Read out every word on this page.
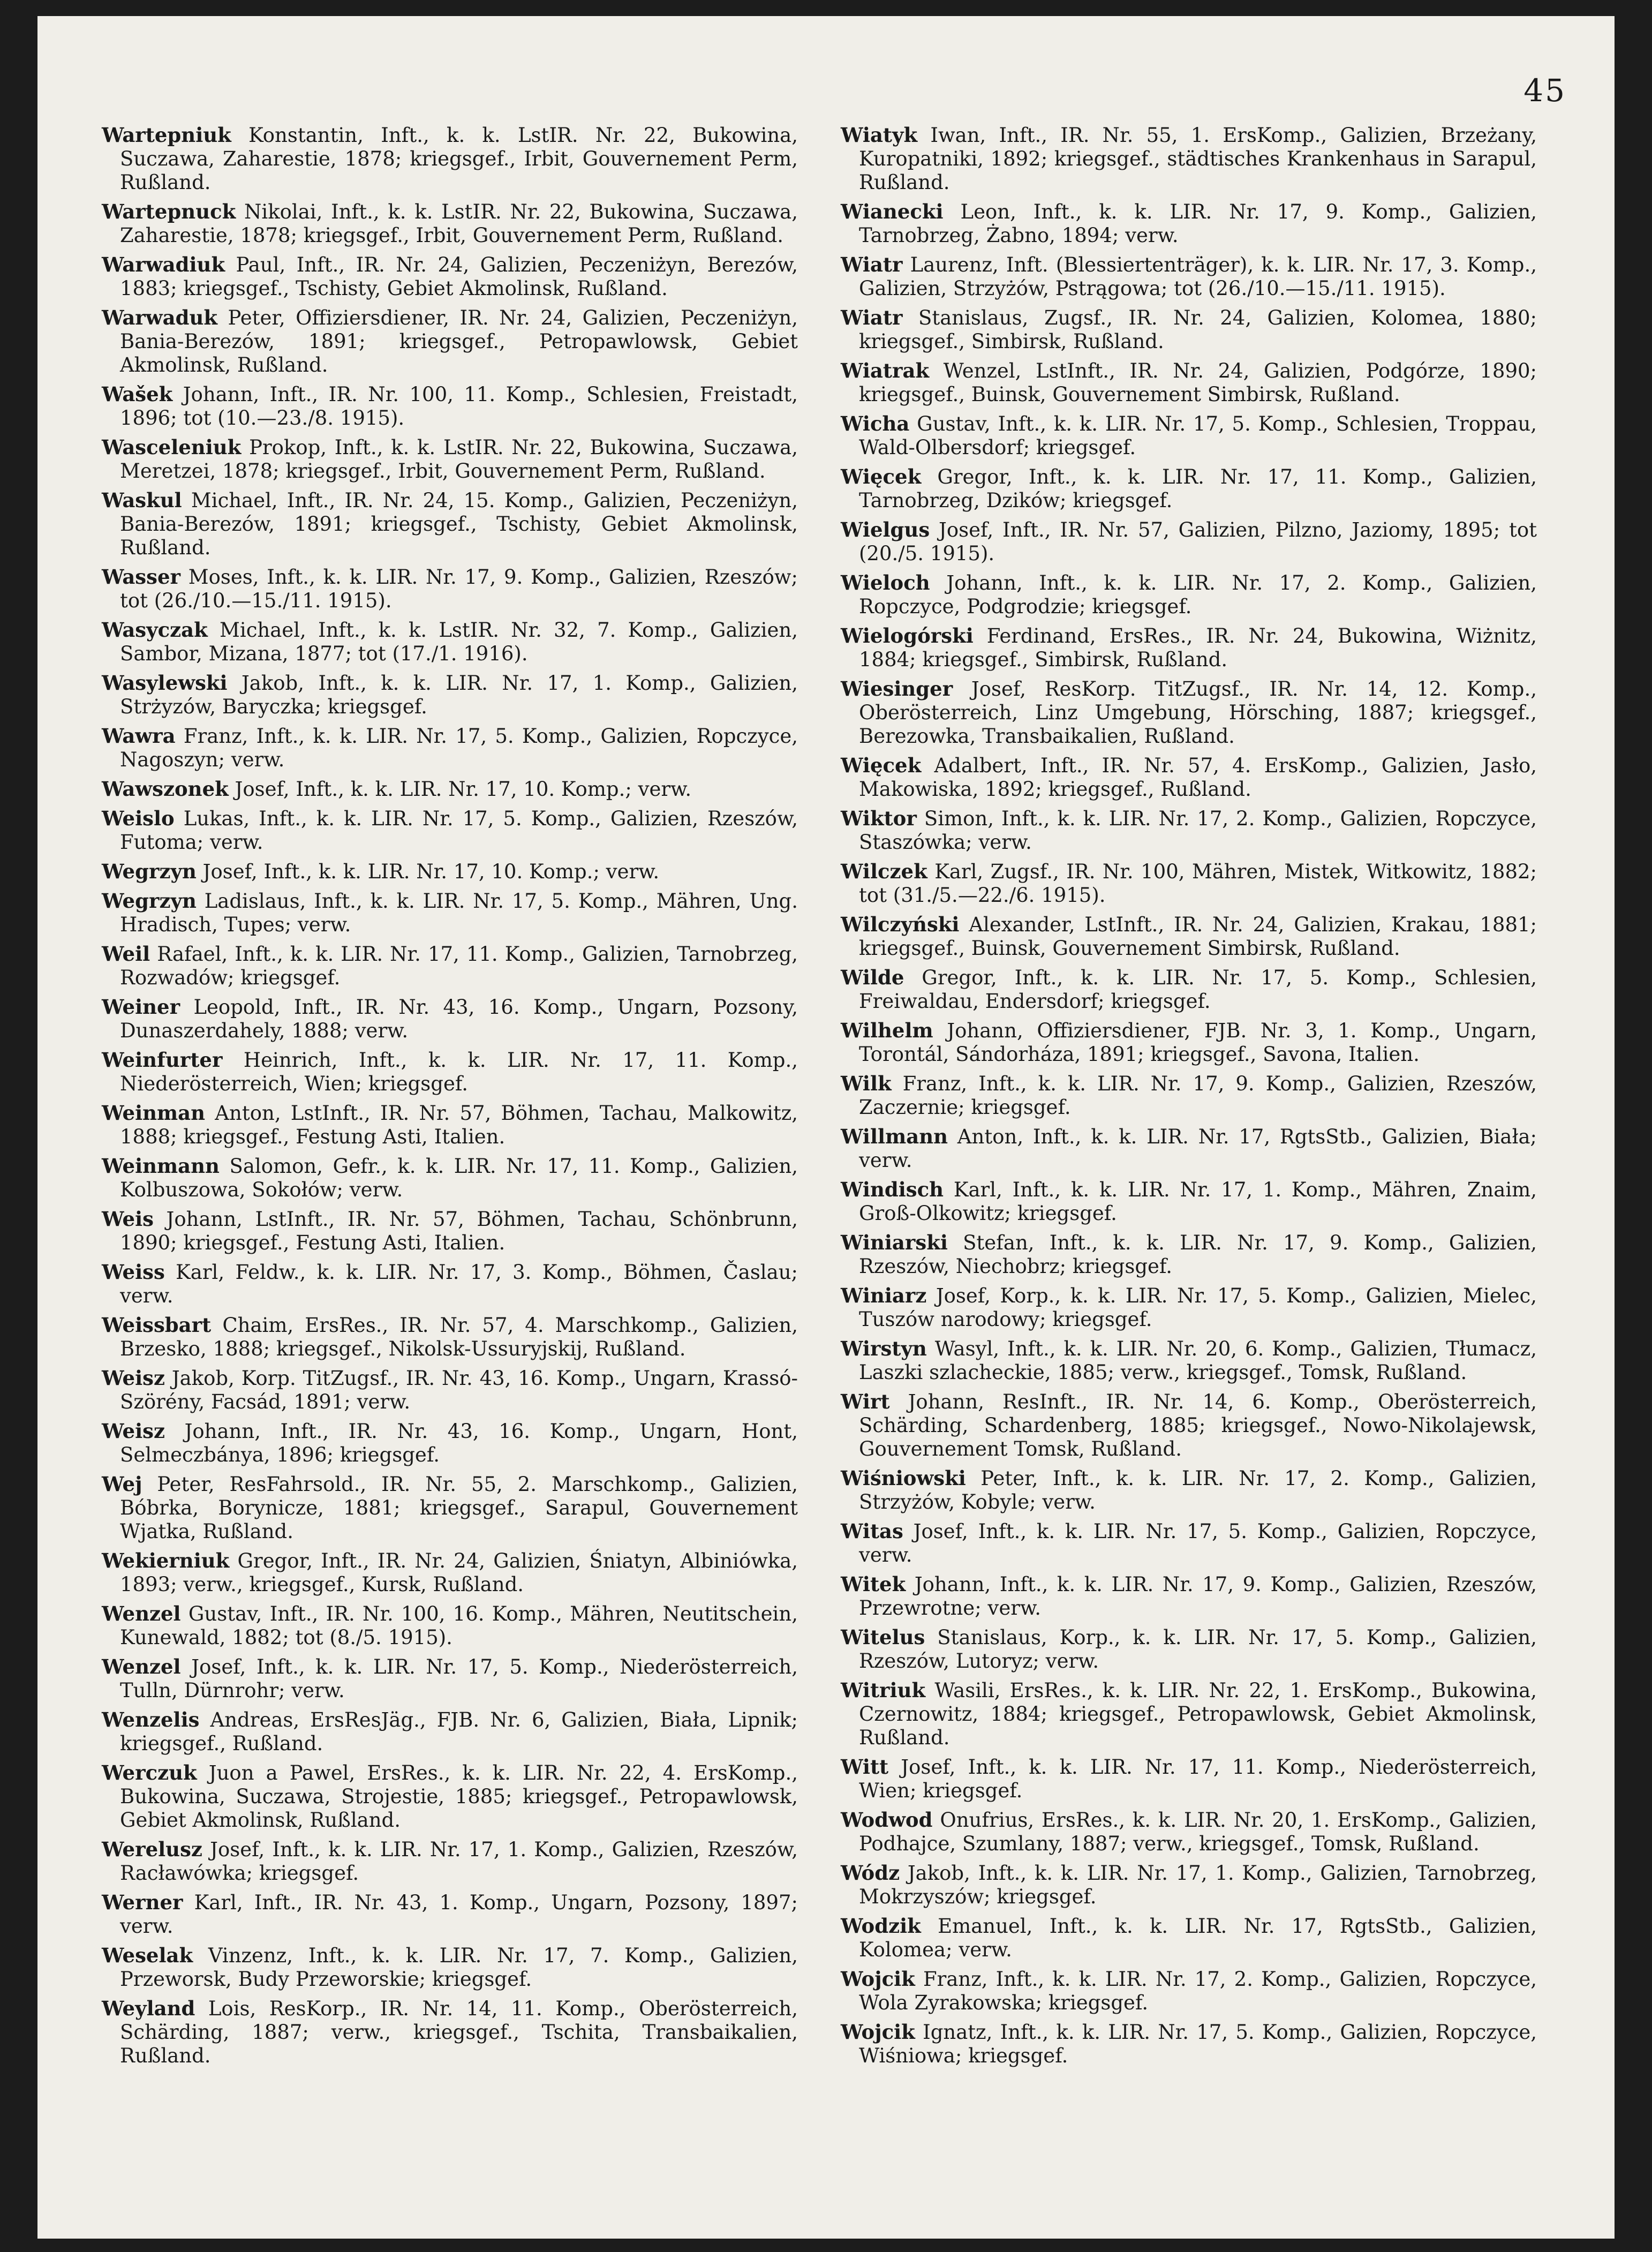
45

Wartepniuk Konstantin, Inft., k. k. LstIR. Nr. 22, Bukowina, Suczawa, Zaharestie, 1878; kriegsgef., Irbit, Gouvernement Perm, Rußland.

Wartepnuck Nikolai, Inft., k. k. LstIR. Nr. 22, Bukowina, Suczawa, Zaharestie, 1878; kriegsgef., Irbit, Gouvernement Perm, Rußland.

Warwadiuk Paul, Inft., IR. Nr. 24, Galizien, Peczeniżyn, Berezów, 1883; kriegsgef., Tschisty, Gebiet Akmolinsk, Rußland.

Warwaduk Peter, Offiziersdiener, IR. Nr. 24, Galizien, Peczeniżyn, Bania-Berezów, 1891; kriegsgef., Petropawlowsk, Gebiet Akmolinsk, Rußland.

Wašek Johann, Inft., IR. Nr. 100, 11. Komp., Schlesien, Freistadt, 1896; tot (10.—23./8. 1915).

Wasceleniuk Prokop, Inft., k. k. LstIR. Nr. 22, Bukowina, Suczawa, Meretzei, 1878; kriegsgef., Irbit, Gouvernement Perm, Rußland.

Waskul Michael, Inft., IR. Nr. 24, 15. Komp., Galizien, Peczeniżyn, Bania-Berezów, 1891; kriegsgef., Tschisty, Gebiet Akmolinsk, Rußland.

Wasser Moses, Inft., k. k. LIR. Nr. 17, 9. Komp., Galizien, Rzeszów; tot (26./10.—15./11. 1915).

Wasyczak Michael, Inft., k. k. LstIR. Nr. 32, 7. Komp., Galizien, Sambor, Mizana, 1877; tot (17./1. 1916).

Wasylewski Jakob, Inft., k. k. LIR. Nr. 17, 1. Komp., Galizien, Strżyzów, Baryczka; kriegsgef.

Wawra Franz, Inft., k. k. LIR. Nr. 17, 5. Komp., Galizien, Ropczyce, Nagoszyn; verw.

Wawszonek Josef, Inft., k. k. LIR. Nr. 17, 10. Komp.; verw.

Weislo Lukas, Inft., k. k. LIR. Nr. 17, 5. Komp., Galizien, Rzeszów, Futoma; verw.

Wegrzyn Josef, Inft., k. k. LIR. Nr. 17, 10. Komp.; verw.

Wegrzyn Ladislaus, Inft., k. k. LIR. Nr. 17, 5. Komp., Mähren, Ung. Hradisch, Tupes; verw.

Weil Rafael, Inft., k. k. LIR. Nr. 17, 11. Komp., Galizien, Tarnobrzeg, Rozwadów; kriegsgef.

Weiner Leopold, Inft., IR. Nr. 43, 16. Komp., Ungarn, Pozsony, Dunaszerdahely, 1888; verw.

Weinfurter Heinrich, Inft., k. k. LIR. Nr. 17, 11. Komp., Niederösterreich, Wien; kriegsgef.

Weinman Anton, LstInft., IR. Nr. 57, Böhmen, Tachau, Malkowitz, 1888; kriegsgef., Festung Asti, Italien.

Weinmann Salomon, Gefr., k. k. LIR. Nr. 17, 11. Komp., Galizien, Kolbuszowa, Sokołów; verw.

Weis Johann, LstInft., IR. Nr. 57, Böhmen, Tachau, Schönbrunn, 1890; kriegsgef., Festung Asti, Italien.

Weiss Karl, Feldw., k. k. LIR. Nr. 17, 3. Komp., Böhmen, Časlau; verw.

Weissbart Chaim, ErsRes., IR. Nr. 57, 4. Marschkomp., Galizien, Brzesko, 1888; kriegsgef., Nikolsk-Ussuryjskij, Rußland.

Weisz Jakob, Korp. TitZugsf., IR. Nr. 43, 16. Komp., Ungarn, Krassó-Szörény, Facsád, 1891; verw.

Weisz Johann, Inft., IR. Nr. 43, 16. Komp., Ungarn, Hont, Selmeczbánya, 1896; kriegsgef.

Wej Peter, ResFahrsold., IR. Nr. 55, 2. Marschkomp., Galizien, Bóbrka, Borynicze, 1881; kriegsgef., Sarapul, Gouvernement Wjatka, Rußland.

Wekierniuk Gregor, Inft., IR. Nr. 24, Galizien, Śniatyn, Albiniówka, 1893; verw., kriegsgef., Kursk, Rußland.

Wenzel Gustav, Inft., IR. Nr. 100, 16. Komp., Mähren, Neutitschein, Kunewald, 1882; tot (8./5. 1915).

Wenzel Josef, Inft., k. k. LIR. Nr. 17, 5. Komp., Niederösterreich, Tulln, Dürnrohr; verw.

Wenzelis Andreas, ErsResJäg., FJB. Nr. 6, Galizien, Biała, Lipnik; kriegsgef., Rußland.

Werczuk Juon a Pawel, ErsRes., k. k. LIR. Nr. 22, 4. ErsKomp., Bukowina, Suczawa, Strojestie, 1885; kriegsgef., Petropawlowsk, Gebiet Akmolinsk, Rußland.

Werelusz Josef, Inft., k. k. LIR. Nr. 17, 1. Komp., Galizien, Rzeszów, Racławówka; kriegsgef.

Werner Karl, Inft., IR. Nr. 43, 1. Komp., Ungarn, Pozsony, 1897; verw.

Weselak Vinzenz, Inft., k. k. LIR. Nr. 17, 7. Komp., Galizien, Przeworsk, Budy Przeworskie; kriegsgef.

Weyland Lois, ResKorp., IR. Nr. 14, 11. Komp., Oberösterreich, Schärding, 1887; verw., kriegsgef., Tschita, Transbaikalien, Rußland.

Wiatyk Iwan, Inft., IR. Nr. 55, 1. ErsKomp., Galizien, Brzeżany, Kuropatniki, 1892; kriegsgef., städtisches Krankenhaus in Sarapul, Rußland.

Wianecki Leon, Inft., k. k. LIR. Nr. 17, 9. Komp., Galizien, Tarnobrzeg, Żabno, 1894; verw.

Wiatr Laurenz, Inft. (Blessiertenträger), k. k. LIR. Nr. 17, 3. Komp., Galizien, Strzyżów, Pstrągowa; tot (26./10.—15./11. 1915).

Wiatr Stanislaus, Zugsf., IR. Nr. 24, Galizien, Kolomea, 1880; kriegsgef., Simbirsk, Rußland.

Wiatrak Wenzel, LstInft., IR. Nr. 24, Galizien, Podgórze, 1890; kriegsgef., Buinsk, Gouvernement Simbirsk, Rußland.

Wicha Gustav, Inft., k. k. LIR. Nr. 17, 5. Komp., Schlesien, Troppau, Wald-Olbersdorf; kriegsgef.

Więcek Gregor, Inft., k. k. LIR. Nr. 17, 11. Komp., Galizien, Tarnobrzeg, Dzików; kriegsgef.

Wielgus Josef, Inft., IR. Nr. 57, Galizien, Pilzno, Jaziomy, 1895; tot (20./5. 1915).

Wieloch Johann, Inft., k. k. LIR. Nr. 17, 2. Komp., Galizien, Ropczyce, Podgrodzie; kriegsgef.

Wielogórski Ferdinand, ErsRes., IR. Nr. 24, Bukowina, Wiżnitz, 1884; kriegsgef., Simbirsk, Rußland.

Wiesinger Josef, ResKorp. TitZugsf., IR. Nr. 14, 12. Komp., Oberösterreich, Linz Umgebung, Hörsching, 1887; kriegsgef., Berezowka, Transbaikalien, Rußland.

Więcek Adalbert, Inft., IR. Nr. 57, 4. ErsKomp., Galizien, Jasło, Makowiska, 1892; kriegsgef., Rußland.

Wiktor Simon, Inft., k. k. LIR. Nr. 17, 2. Komp., Galizien, Ropczyce, Staszówka; verw.

Wilczek Karl, Zugsf., IR. Nr. 100, Mähren, Mistek, Witkowitz, 1882; tot (31./5.—22./6. 1915).

Wilczyński Alexander, LstInft., IR. Nr. 24, Galizien, Krakau, 1881; kriegsgef., Buinsk, Gouvernement Simbirsk, Rußland.

Wilde Gregor, Inft., k. k. LIR. Nr. 17, 5. Komp., Schlesien, Freiwaldau, Endersdorf; kriegsgef.

Wilhelm Johann, Offiziersdiener, FJB. Nr. 3, 1. Komp., Ungarn, Torontál, Sándorháza, 1891; kriegsgef., Savona, Italien.

Wilk Franz, Inft., k. k. LIR. Nr. 17, 9. Komp., Galizien, Rzeszów, Zaczernie; kriegsgef.

Willmann Anton, Inft., k. k. LIR. Nr. 17, RgtsStb., Galizien, Biała; verw.

Windisch Karl, Inft., k. k. LIR. Nr. 17, 1. Komp., Mähren, Znaim, Groß-Olkowitz; kriegsgef.

Winiarski Stefan, Inft., k. k. LIR. Nr. 17, 9. Komp., Galizien, Rzeszów, Niechobrz; kriegsgef.

Winiarz Josef, Korp., k. k. LIR. Nr. 17, 5. Komp., Galizien, Mielec, Tuszów narodowy; kriegsgef.

Wirstyn Wasyl, Inft., k. k. LIR. Nr. 20, 6. Komp., Galizien, Tłumacz, Laszki szlacheckie, 1885; verw., kriegsgef., Tomsk, Rußland.

Wirt Johann, ResInft., IR. Nr. 14, 6. Komp., Oberösterreich, Schärding, Schardenberg, 1885; kriegsgef., Nowo-Nikolajewsk, Gouvernement Tomsk, Rußland.

Wiśniowski Peter, Inft., k. k. LIR. Nr. 17, 2. Komp., Galizien, Strzyżów, Kobyle; verw.

Witas Josef, Inft., k. k. LIR. Nr. 17, 5. Komp., Galizien, Ropczyce, verw.

Witek Johann, Inft., k. k. LIR. Nr. 17, 9. Komp., Galizien, Rzeszów, Przewrotne; verw.

Witelus Stanislaus, Korp., k. k. LIR. Nr. 17, 5. Komp., Galizien, Rzeszów, Lutoryz; verw.

Witriuk Wasili, ErsRes., k. k. LIR. Nr. 22, 1. ErsKomp., Bukowina, Czernowitz, 1884; kriegsgef., Petropawlowsk, Gebiet Akmolinsk, Rußland.

Witt Josef, Inft., k. k. LIR. Nr. 17, 11. Komp., Niederösterreich, Wien; kriegsgef.

Wodwod Onufrius, ErsRes., k. k. LIR. Nr. 20, 1. ErsKomp., Galizien, Podhajce, Szumlany, 1887; verw., kriegsgef., Tomsk, Rußland.

Wódz Jakob, Inft., k. k. LIR. Nr. 17, 1. Komp., Galizien, Tarnobrzeg, Mokrzyszów; kriegsgef.

Wodzik Emanuel, Inft., k. k. LIR. Nr. 17, RgtsStb., Galizien, Kolomea; verw.

Wojcik Franz, Inft., k. k. LIR. Nr. 17, 2. Komp., Galizien, Ropczyce, Wola Zyrakowska; kriegsgef.

Wojcik Ignatz, Inft., k. k. LIR. Nr. 17, 5. Komp., Galizien, Ropczyce, Wiśniowa; kriegsgef.
